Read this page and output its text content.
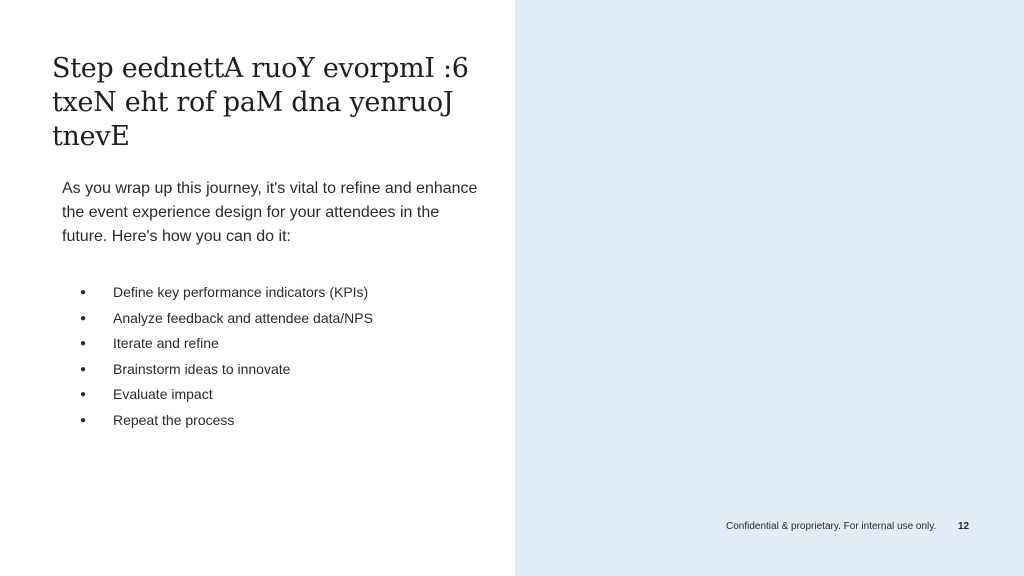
Step eednettA ruoY evorpmI :6
txeN eht rof paM dna yenruoJ
tnevE

As you wrap up this journey, it's vital to refine and enhance the event experience design for your attendees in the future. Here's how you can do it:

●	Define key performance indicators (KPIs)
●	Analyze feedback and attendee data/NPS
●	Iterate and refine
●	Brainstorm ideas to innovate
●	Evaluate impact
●	Repeat the process
Confidential & proprietary. For internal use only. 12
